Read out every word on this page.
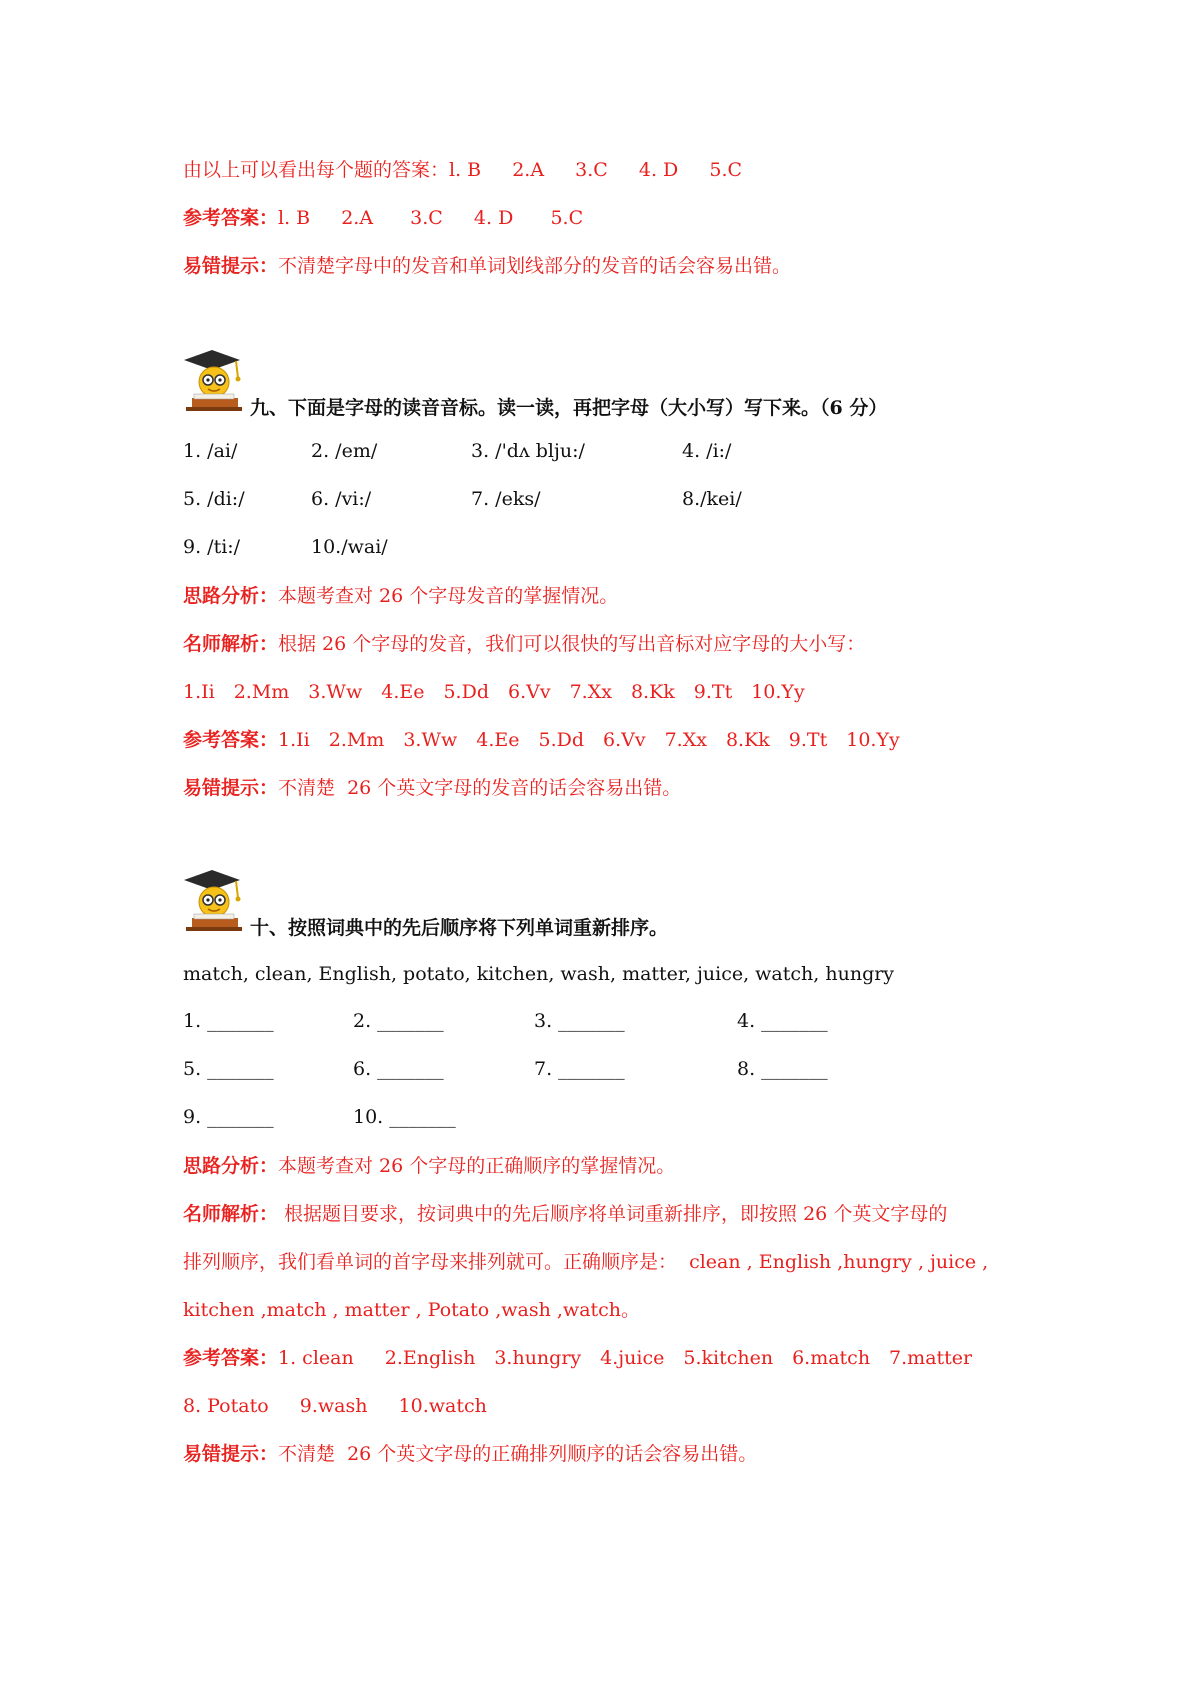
由以上可以看出每个题的答案：l. B　  2.A　  3.C　  4. D　  5.C
参考答案：l. B　  2.A　   3.C　  4. D　   5.C
易错提示：不清楚字母中的发音和单词划线部分的发音的话会容易出错。
九、下面是字母的读音音标。读一读，再把字母（大小写）写下来。（6 分）
1. /ai/	2. /em/	3. /'dʌ blju:/	4. /i:/
5. /di:/	6. /vi:/	7. /eks/	8./kei/
9. /ti:/	10./wai/
思路分析：本题考查对 26 个字母发音的掌握情况。
名师解析：根据 26 个字母的发音，我们可以很快的写出音标对应字母的大小写：
1.Ii　2.Mm　3.Ww　4.Ee　5.Dd　6.Vv　7.Xx　8.Kk　9.Tt　10.Yy
参考答案：1.Ii　2.Mm　3.Ww　4.Ee　5.Dd　6.Vv　7.Xx　8.Kk　9.Tt　10.Yy
易错提示：不清楚  26 个英文字母的发音的话会容易出错。
十、按照词典中的先后顺序将下列单词重新排序。
match, clean, English, potato, kitchen, wash, matter, juice, watch, hungry
1. _______	2. _______	3. _______	4. _______
5. _______	6. _______	7. _______	8. _______
9. _______	10. _______
思路分析：本题考查对 26 个字母的正确顺序的掌握情况。
名师解析： 根据题目要求，按词典中的先后顺序将单词重新排序，即按照 26 个英文字母的
排列顺序，我们看单词的首字母来排列就可。正确顺序是：  clean , English ,hungry , juice ,
kitchen ,match , matter , Potato ,wash ,watch。
参考答案：1. clean　  2.English　3.hungry　4.juice　5.kitchen　6.match　7.matter
8. Potato　  9.wash　  10.watch
易错提示：不清楚  26 个英文字母的正确排列顺序的话会容易出错。
